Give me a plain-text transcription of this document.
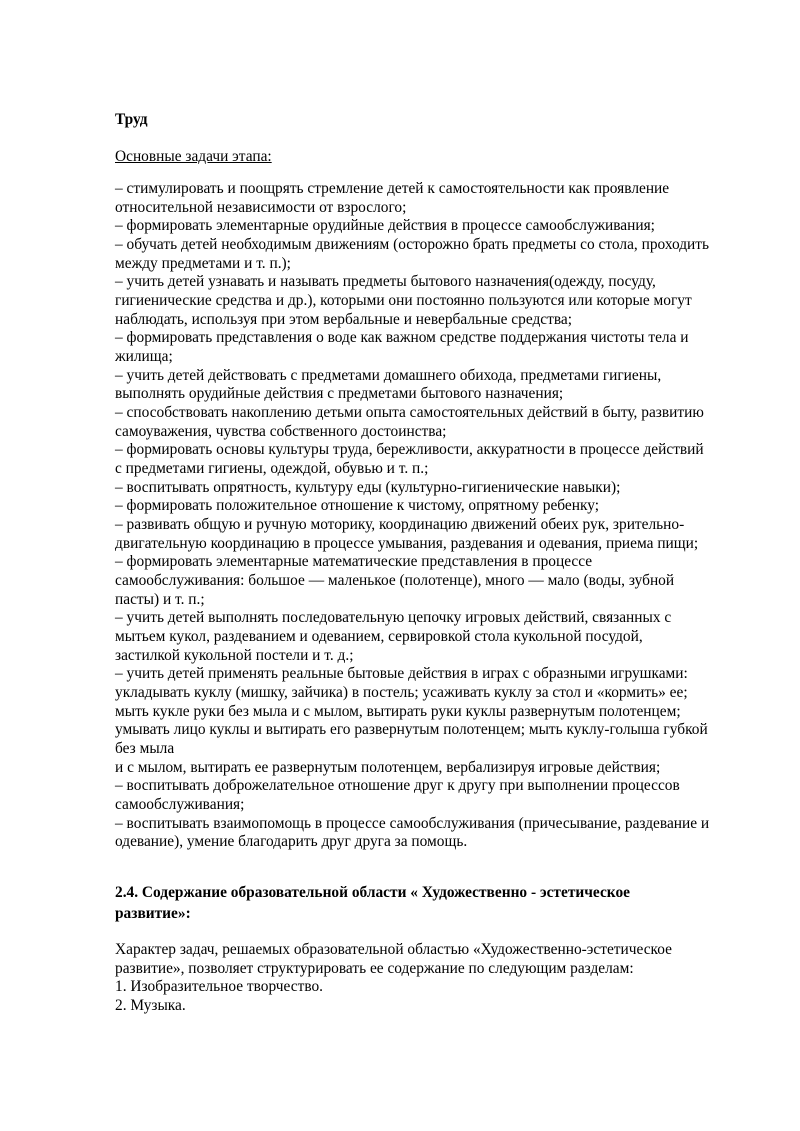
Труд

Основные задачи этапа:

– стимулировать и поощрять стремление детей к самостоятельности как проявление

относительной независимости от взрослого;

– формировать элементарные орудийные действия в процессе самообслуживания;

– обучать детей необходимым движениям (осторожно брать предметы со стола, проходить

между предметами и т. п.);

– учить детей узнавать и называть предметы бытового назначения(одежду, посуду,

гигиенические средства и др.), которыми они постоянно пользуются или которые могут

наблюдать, используя при этом вербальные и невербальные средства;

– формировать представления о воде как важном средстве поддержания чистоты тела и

жилища;

– учить детей действовать с предметами домашнего обихода, предметами гигиены,

выполнять орудийные действия с предметами бытового назначения;

– способствовать накоплению детьми опыта самостоятельных действий в быту, развитию

самоуважения, чувства собственного достоинства;

– формировать основы культуры труда, бережливости, аккуратности в процессе действий

с предметами гигиены, одеждой, обувью и т. п.;

– воспитывать опрятность, культуру еды (культурно-гигиенические навыки);

– формировать положительное отношение к чистому, опрятному ребенку;

– развивать общую и ручную моторику, координацию движений обеих рук, зрительно-

двигательную координацию в процессе умывания, раздевания и одевания, приема пищи;

– формировать элементарные математические представления в процессе

самообслуживания: большое — маленькое (полотенце), много — мало (воды, зубной

пасты) и т. п.;

– учить детей выполнять последовательную цепочку игровых действий, связанных с

мытьем кукол, раздеванием и одеванием, сервировкой стола кукольной посудой,

застилкой кукольной постели и т. д.;

– учить детей применять реальные бытовые действия в играх с образными игрушками:

укладывать куклу (мишку, зайчика) в постель; усаживать куклу за стол и «кормить» ее;

мыть кукле руки без мыла и с мылом, вытирать руки куклы развернутым полотенцем;

умывать лицо куклы и вытирать его развернутым полотенцем; мыть куклу-голыша губкой

без мыла

и с мылом, вытирать ее развернутым полотенцем, вербализируя игровые действия;

– воспитывать доброжелательное отношение друг к другу при выполнении процессов

самообслуживания;

– воспитывать взаимопомощь в процессе самообслуживания (причесывание, раздевание и

одевание), умение благодарить друг друга за помощь.

2.4. Содержание образовательной области « Художественно - эстетическое

развитие»:

Характер задач, решаемых образовательной областью «Художественно-эстетическое

развитие», позволяет структурировать ее содержание по следующим разделам:

1. Изобразительное творчество.

2. Музыка.
